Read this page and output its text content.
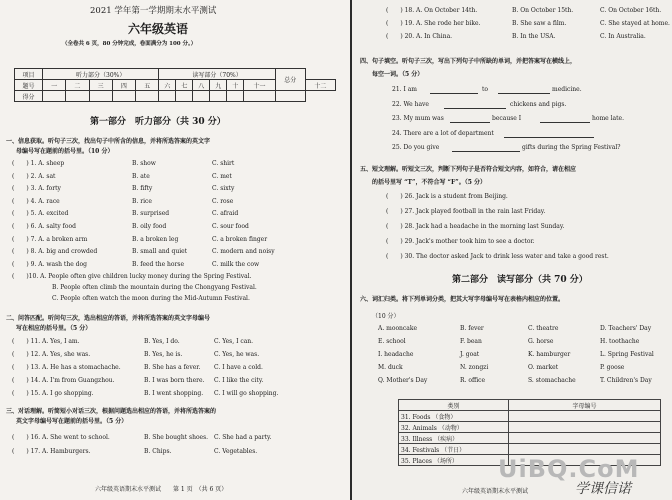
2021 学年第一学期期末水平测试
六年级英语
（全卷共 6 页，80 分钟完成，卷面满分为 100 分。）
项目	听力部分（30%）					读写部分（70%）						总分	
题号	一	二	三	四	五	六	七	八	九	十	十一		十二
得分													
第一部分　听力部分（共 30 分）
一、信息获取。听句子三次，找出句子中所含的信息，并将所选答案的英文字
母编号写在题前的括号里。（10 分）
(　　) 1. A. sheep	B. show	C. shirt
(　　) 2. A. sat	B. ate	C. met
(　　) 3. A. forty	B. fifty	C. sixty
(　　) 4. A. race	B. rice	C. rose
(　　) 5. A. excited	B. surprised	C. afraid
(　　) 6. A. salty food	B. oily food	C. sour food
(　　) 7. A. a broken arm	B. a broken leg	C. a broken finger
(　　) 8. A. big and crowded	B. small and quiet	C. modern and noisy
(　　) 9. A. wash the dog	B. feed the horse	C. milk the cow
(　　)10. A. People often give children lucky money during the Spring Festival.
B. People often climb the mountain during the Chongyang Festival.
C. People often watch the moon during the Mid-Autumn Festival.
二、问答匹配。听问句三次，选出相应的答语，并将所选答案的英文字母编号
写在相应的括号里。（5 分）
(　　) 11. A. Yes, I am.	B. Yes, I do.	C. Yes, I can.
(　　) 12. A. Yes, she was.	B. Yes, he is.	C. Yes, he was.
(　　) 13. A. He has a stomachache.	B. She has a fever. C. I have a cold.
(　　) 14. A. I'm from Guangzhou.	B. I was born there. C. I like the city.
(　　) 15. A. I go shopping.	B. I went shopping. C. I will go shopping.
三、对话理解。听简短小对话三次，根据问题选出相应的答语，并将所选答案的
英文字母编号写在题前的括号里。（5 分）
(　　) 16. A. She went to school.	B. She bought shoes. C. She had a party.
(　　) 17. A. Hamburgers.	B. Chips.	C. Vegetables.
六年级英语期末水平测试　　第 1 页　（共 6 页）
(　　) 18. A. On October 14th.	B. On October 15th.	C. On October 16th.
(　　) 19. A. She rode her bike.	B. She saw a film.	C. She stayed at home.
(　　) 20. A. In China.	B. In the USA.	C. In Australia.
四、句子填空。听句子三次，写出下列句子中所缺的单词，并把答案写在横线上，
每空一词。（5 分）
21. I am	to	medicine.
22. We have	chickens and pigs.
23. My mum was	because I	home late.
24. There are a lot of department
25. Do you give	gifts during the Spring Festival?
五、短文理解。听短文三次，判断下列句子是否符合短文内容，如符合，请在相应
的括号里写 “T”，不符合写 “F”。（5 分）
(　　) 26. Jack is a student from Beijing.
(　　) 27. Jack played football in the rain last Friday.
(　　) 28. Jack had a headache in the morning last Sunday.
(　　) 29. Jack's mother took him to see a doctor.
(　　) 30. The doctor asked Jack to drink less water and take a good rest.
第二部分　读写部分（共 70 分）
六、词汇归类。将下列单词分类，把其大写字母编号写在表格内相应的位置。
（10 分）
A. mooncake	B. fever	C. theatre	D. Teachers' Day
E. school	F. bean	G. horse	H. toothache
I. headache	J. goat	K. hamburger	L. Spring Festival
M. duck	N. zongzi	O. market	P. goose
Q. Mother's Day	R. office	S. stomachache	T. Children's Day
六年级英语期末水平测试
类别	字母编号
31. Foods （食物）	
32. Animals （动物）	
33. Illness （疾病）	
34. Festivals （节日）	
35. Places （场所）	UiBQ.CoM
学课信诺
